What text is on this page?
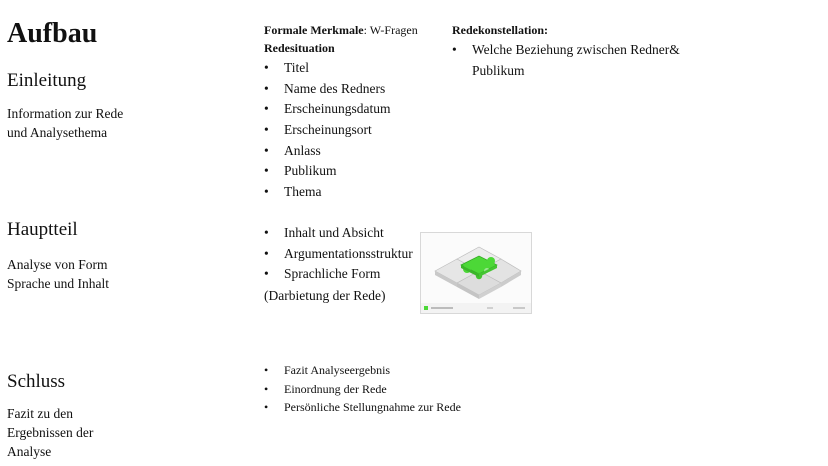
Aufbau
Einleitung
Information zur Rede
und Analysethema
Hauptteil
Analyse von Form
Sprache und Inhalt
Schluss
Fazit zu den
Ergebnissen der
Analyse
Formale Merkmale: W-Fragen
Redesituation
• Titel
• Name des Redners
• Erscheinungsdatum
• Erscheinungsort
• Anlass
• Publikum
• Thema
Redekonstellation:
• Welche Beziehung zwischen Redner& Publikum
• Inhalt und Absicht
• Argumentationsstruktur
• Sprachliche Form
(Darbietung der Rede)
• Fazit Analyseergebnis
• Einordnung der Rede
• Persönliche Stellungnahme zur Rede
